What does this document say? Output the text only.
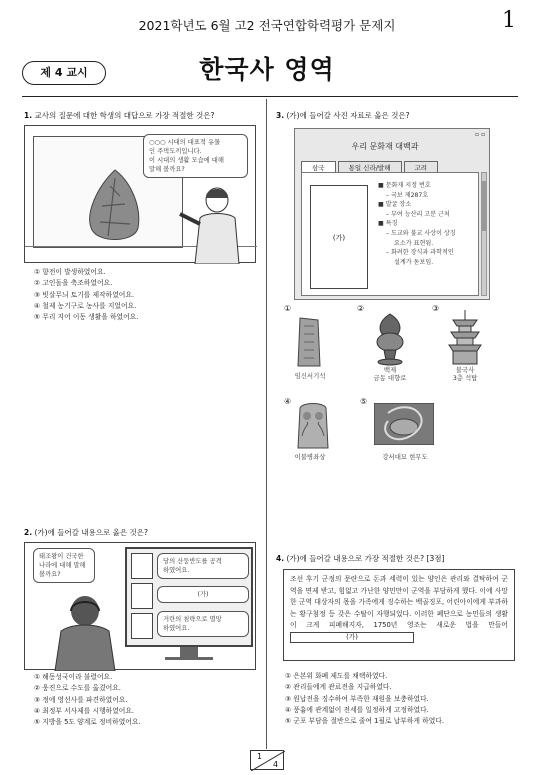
2021학년도 6월 고2 전국연합학력평가 문제지	1
제 4 교시	한국사 영역
1. 교사의 질문에 대한 학생의 대답으로 가장 적절한 것은?
○○○ 시대의 대표적 유물
인 주먹도끼입니다.
이 시대의 생활 모습에 대해
말해 볼까요?
① 향전이 발생하였어요.
② 고인돌을 축조하였어요.
③ 빗살무늬 토기를 제작하였어요.
④ 철제 농기구로 농사를 지었어요.
⑤ 무리 지어 이동 생활을 하였어요.
2. (가)에 들어갈 내용으로 옳은 것은?
태조왕이 건국한
나라에 대해 말해
볼까요?
당의 산둥반도를 공격
하였어요.
(가)
거란의 침략으로 멸망
하였어요.
① 해동성국이라 불렸어요.
② 웅진으로 수도를 옮겼어요.
③ 정에 영선사를 파견하였어요.
④ 최정부 서사제를 시행하였어요.
⑤ 지방을 5도 양계로 정비하였어요.
3. (가)에 들어갈 사진 자료로 옳은 것은?
▫▫
우리 문화재 대백과
삼국	통일 신라/발해	고려
(가)
■ 문화재 지정 번호
– 국보 제287호
■ 발굴 장소
– 부여 능산리 고분 근처
■ 특징
– 도교와 불교 사상이 상징
요소가 표현됨.
– 화려한 장식과 과학적인
설계가 돋보임.
①
임신서기석
②
백제
금동 대향로
③
불국사
3층 석탑
④
이불병좌상
⑤
강서대묘 현무도
4. (가)에 들어갈 내용으로 가장 적절한 것은? [3점]
조선 후기 군정의 문란으로 돈과 세력이 있는 양인은 관리와 결탁하여 군역을 면제 받고, 힘없고 가난한 양민만이 군역을 부담하게 했다. 이에 사망한 군역 대상자의 몫을 가족에게 징수하는 백골징포, 어린아이에게 부과하는 황구첨정 등 갖은 수탈이 자행되었다. 이러한 폐단으로 농민들의 생활이 크게 피폐해지자, 1750년 영조는 새로운 법을 만들어 (가)
① 은본위 화폐 제도를 채택하였다.
② 관리들에게 관료전을 지급하였다.
③ 원납전을 징수하여 부족한 재원을 보충하였다.
④ 풍흉에 관계없이 전세를 일정하게 고정하였다.
⑤ 군포 부담을 절반으로 줄여 1필로 납부하게 하였다.
1
4
